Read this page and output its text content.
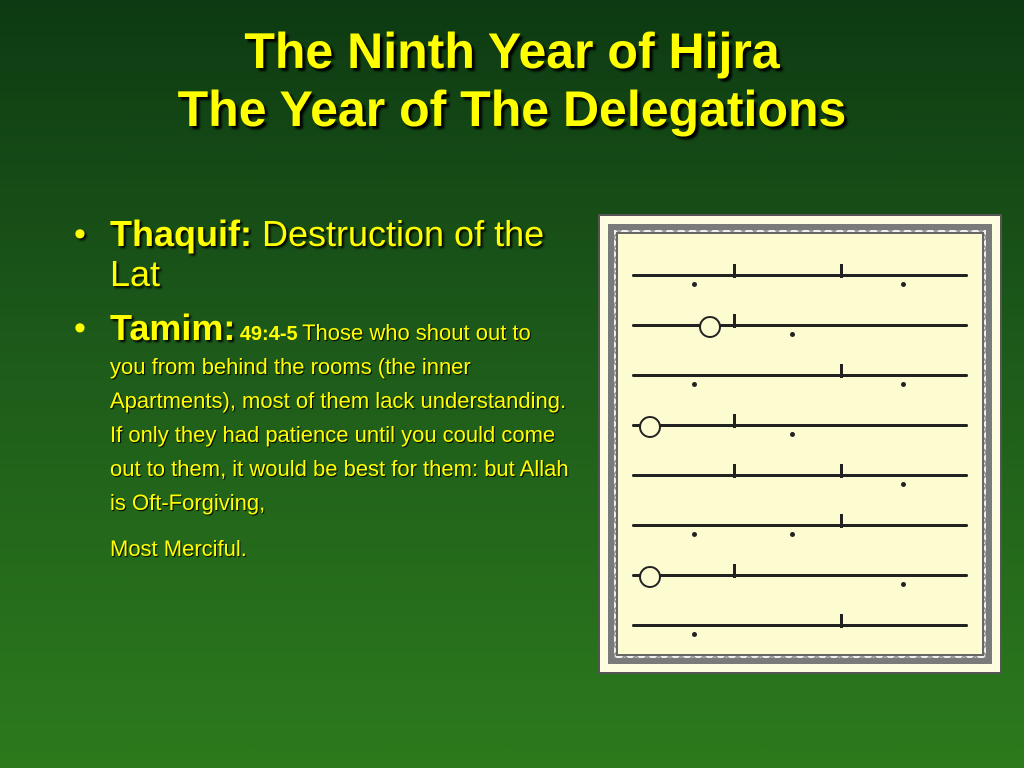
The Ninth Year of Hijra
The Year of The Delegations
• Thaquif: Destruction of the Lat
• Tamim: 49:4-5 Those who shout out to you from behind the rooms (the inner Apartments), most of them lack understanding. If only they had patience until you could come out to them, it would be best for them: but Allah is Oft-Forgiving,
Most Merciful.
